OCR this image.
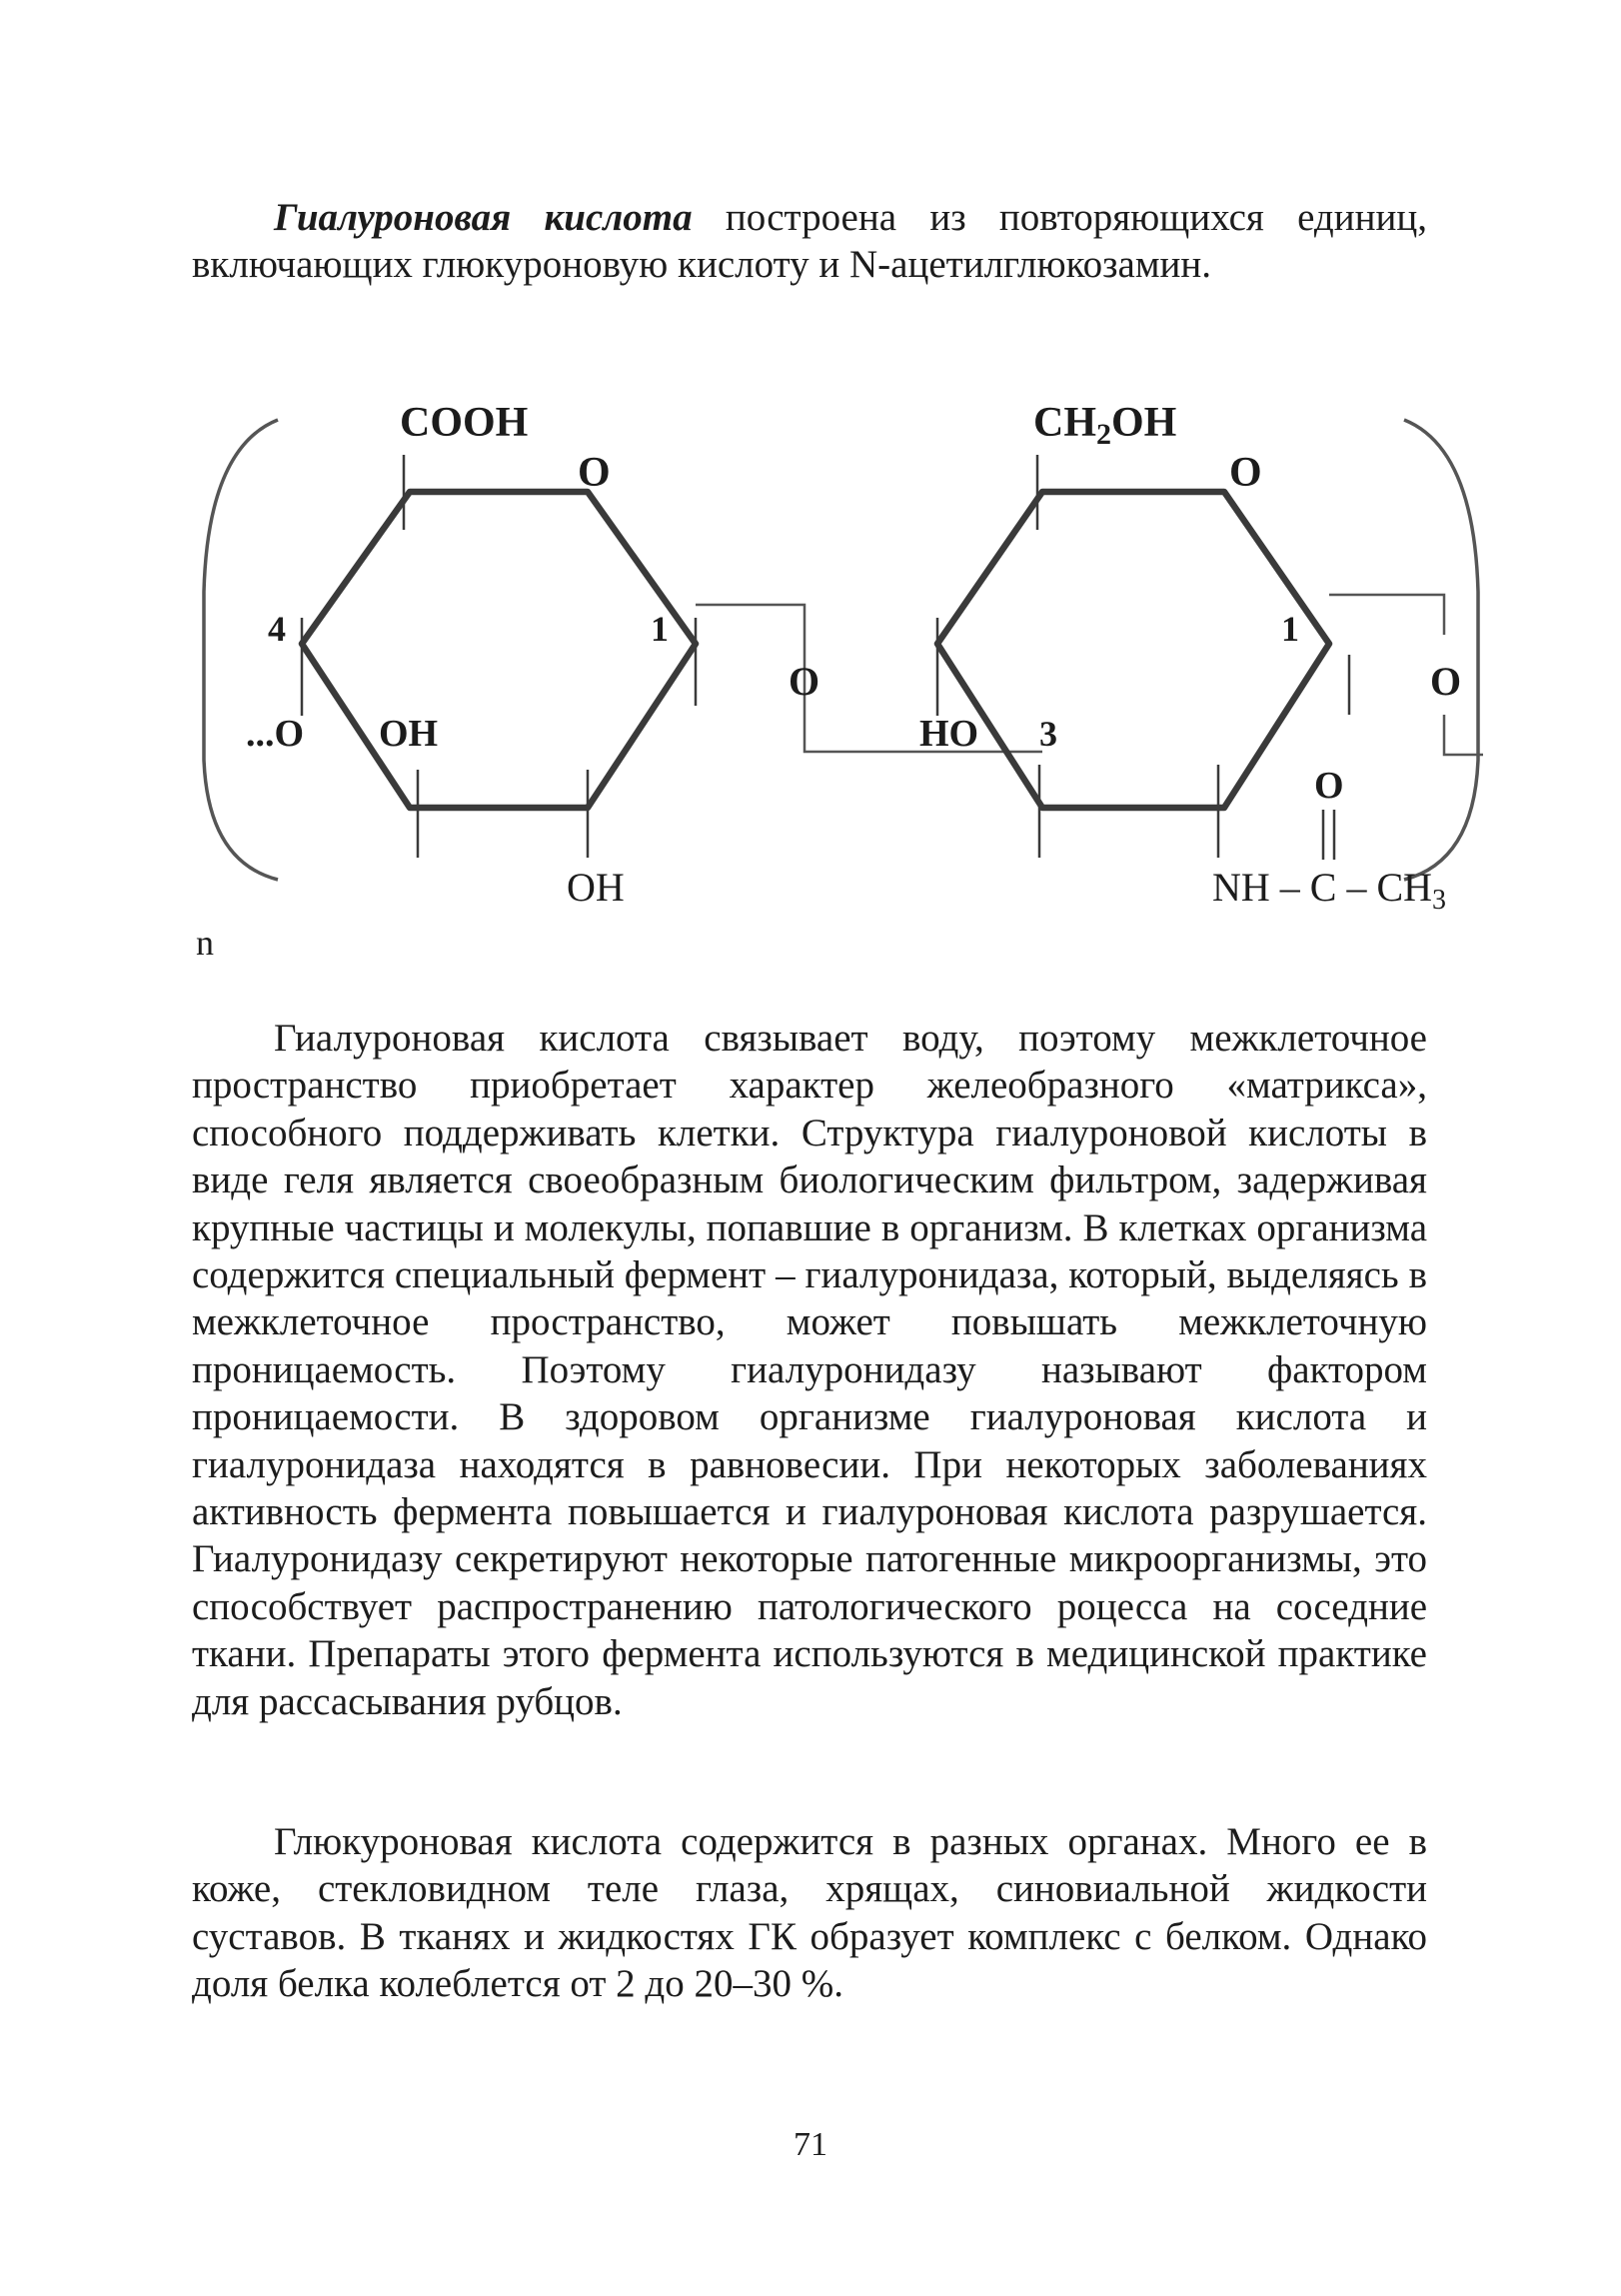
Гиалуроновая кислота построена из повторяющихся единиц, включающих глюкуроновую кислоту и N-ацетилглюкозамин.

COOH
O
4	1
...O OH
OH
O
CH2OH
O
1
HO 3
O
O
NH – C – $CH_3$
n

Гиалуроновая кислота связывает воду, поэтому межклеточное пространство приобретает характер желеобразного «матрикса», способного поддерживать клетки. Структура гиалуроновой кислоты в виде геля является своеобразным биологическим фильтром, задерживая крупные частицы и молекулы, попавшие в организм. В клетках организма содержится специальный фермент – гиалуронидаза, который, выделяясь в межклеточное пространство, может повышать межклеточную проницаемость. Поэтому гиалуронидазу называют фактором проницаемости. В здоровом организме гиалуроновая кислота и гиалуронидаза находятся в равновесии. При некоторых заболеваниях активность фермента повышается и гиалуроновая кислота разрушается. Гиалуронидазу секретируют некоторые патогенные микроорганизмы, это способствует распространению патологического роцесса на соседние ткани. Препараты этого фермента используются в медицинской практике для рассасывания рубцов.

Глюкуроновая кислота содержится в разных органах. Много ее в коже, стекловидном теле глаза, хрящах, синовиальной жидкости суставов. В тканях и жидкостях ГК образует комплекс с белком. Однако доля белка колеблется от 2 до 20–30 %.

71
